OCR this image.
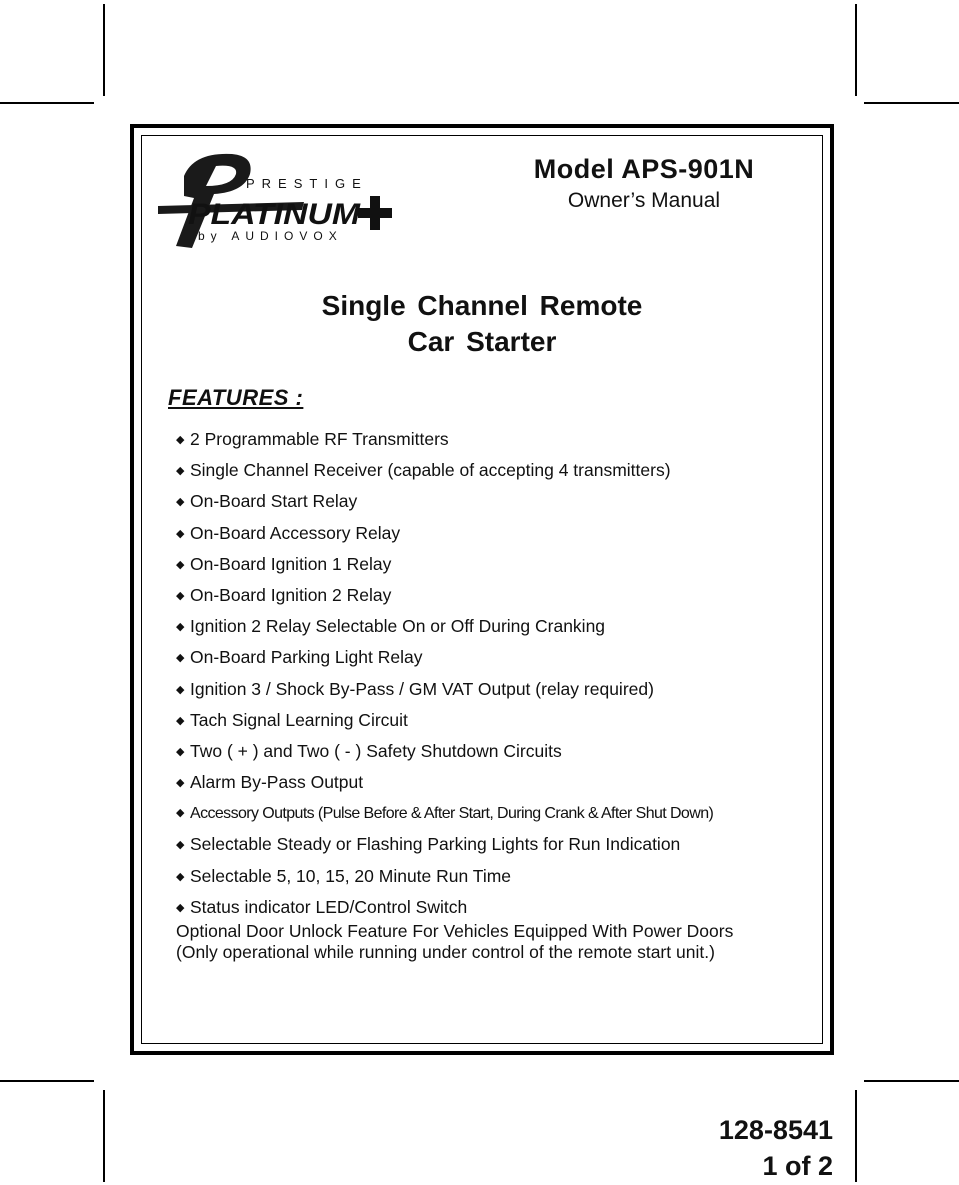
PRESTIGE
PLATINUM
by AUDIOVOX
Model APS-901N
Owner’s Manual
Single Channel Remote
Car Starter
FEATURES :
◆ 2 Programmable RF Transmitters
◆ Single Channel Receiver (capable of accepting 4 transmitters)
◆ On-Board Start Relay
◆ On-Board Accessory Relay
◆ On-Board Ignition 1 Relay
◆ On-Board Ignition 2 Relay
◆ Ignition 2 Relay Selectable On or Off During Cranking
◆ On-Board Parking Light Relay
◆ Ignition 3 / Shock By-Pass / GM VAT Output (relay required)
◆ Tach Signal Learning Circuit
◆ Two ( + ) and Two ( - ) Safety Shutdown Circuits
◆ Alarm By-Pass Output
◆ Accessory Outputs (Pulse Before & After Start, During Crank & After Shut Down)
◆ Selectable Steady or Flashing Parking Lights for Run Indication
◆ Selectable 5, 10, 15, 20 Minute Run Time
◆ Status indicator LED/Control Switch
Optional Door Unlock Feature For Vehicles Equipped With Power Doors
(Only operational while running under control of the remote start unit.)
128-8541
1 of 2
